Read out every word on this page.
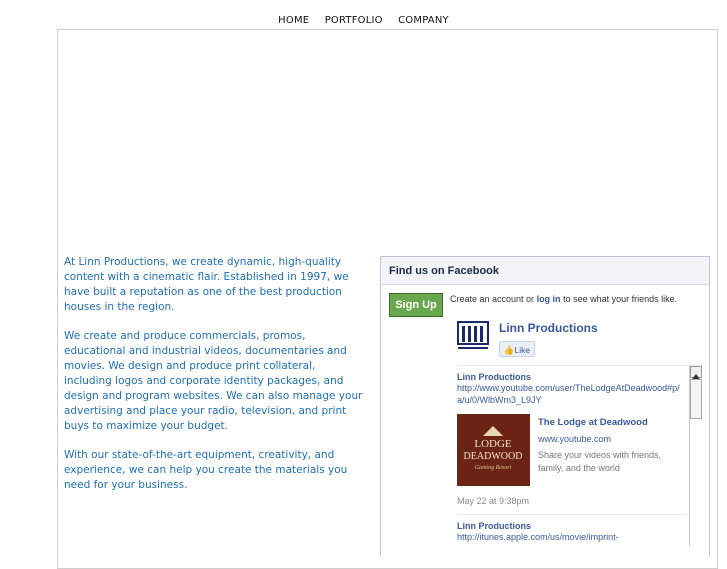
HOME PORTFOLIO COMPANY

At Linn Productions, we create dynamic, high-quality content with a cinematic flair. Established in 1997, we have built a reputation as one of the best production houses in the region.

We create and produce commercials, promos, educational and industrial videos, documentaries and movies. We design and produce print collateral, including logos and corporate identity packages, and design and program websites. We can also manage your advertising and place your radio, television, and print buys to maximize your budget.

With our state-of-the-art equipment, creativity, and experience, we can help you create the materials you need for your business.

Find us on Facebook
Sign Up	Create an account or log in to see what your friends like.
Linn Productions
👍Like
Linn Productions
http://www.youtube.com/user/TheLodgeAtDeadwood#p/a/u/0/WlbWm3_L9JY
LODGE
DEADWOOD
Gaming Resort
The Lodge at Deadwood
www.youtube.com
Share your videos with friends, family, and the world
May 22 at 9:38pm
Linn Productions
http://itunes.apple.com/us/movie/imprint-
